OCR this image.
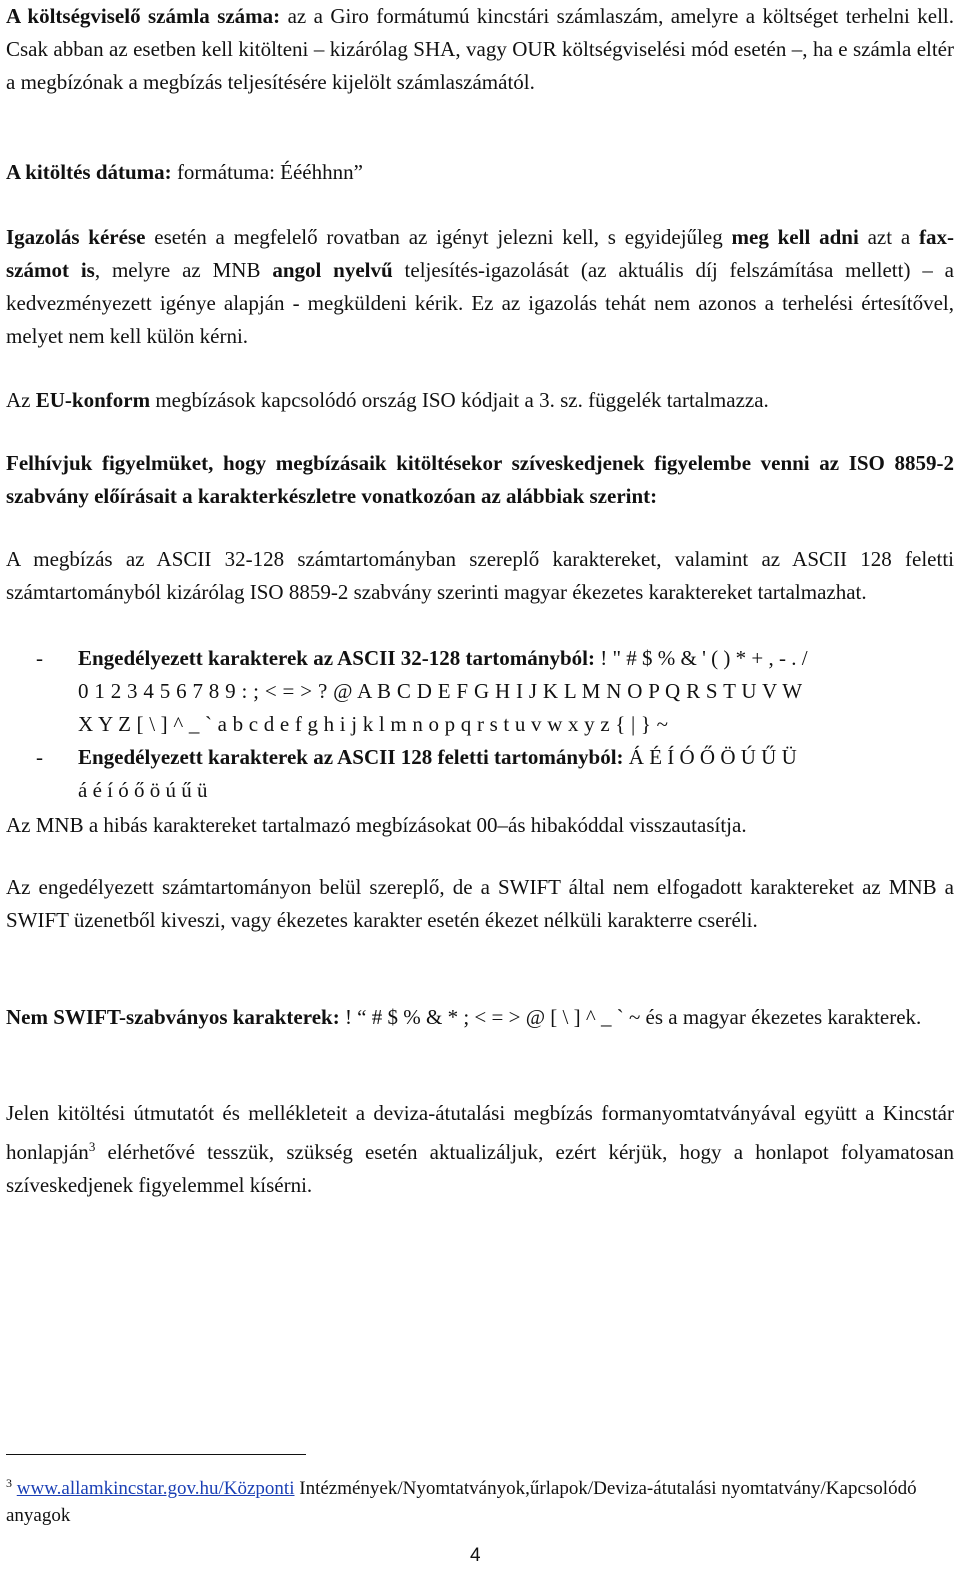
A költségviselő számla száma: az a Giro formátumú kincstári számlaszám, amelyre a költséget terhelni kell. Csak abban az esetben kell kitölteni – kizárólag SHA, vagy OUR költségviselési mód esetén –, ha e számla eltér a megbízónak a megbízás teljesítésére kijelölt számlaszámától.

A kitöltés dátuma: formátuma: Éééhhnn”

Igazolás kérése esetén a megfelelő rovatban az igényt jelezni kell, s egyidejűleg meg kell adni azt a fax-számot is, melyre az MNB angol nyelvű teljesítés-igazolását (az aktuális díj felszámítása mellett) – a kedvezményezett igénye alapján - megküldeni kérik. Ez az igazolás tehát nem azonos a terhelési értesítővel, melyet nem kell külön kérni.

Az EU-konform megbízások kapcsolódó ország ISO kódjait a 3. sz. függelék tartalmazza.

Felhívjuk figyelmüket, hogy megbízásaik kitöltésekor szíveskedjenek figyelembe venni az ISO 8859-2 szabvány előírásait a karakterkészletre vonatkozóan az alábbiak szerint:

A megbízás az ASCII 32-128 számtartományban szereplő karaktereket, valamint az ASCII 128 feletti számtartományból kizárólag ISO 8859-2 szabvány szerinti magyar ékezetes karaktereket tartalmazhat.

- Engedélyezett karakterek az ASCII 32-128 tartományból: ! " # $ % & ' ( ) * + , - . /
0 1 2 3 4 5 6 7 8 9 : ; < = > ? @ A B C D E F G H I J K L M N O P Q R S T U V W
X Y Z [ \ ] ^ _ ` a b c d e f g h i j k l m n o p q r s t u v w x y z { | } ~
- Engedélyezett karakterek az ASCII 128 feletti tartományból: Á É Í Ó Ő Ö Ú Ű Ü
á é í ó ő ö ú ű ü

Az MNB a hibás karaktereket tartalmazó megbízásokat 00–ás hibakóddal visszautasítja.

Az engedélyezett számtartományon belül szereplő, de a SWIFT által nem elfogadott karaktereket az MNB a SWIFT üzenetből kiveszi, vagy ékezetes karakter esetén ékezet nélküli karakterre cseréli.

Nem SWIFT-szabványos karakterek: ! “ # $ % & * ; < = > @ [ \ ] ^ _ ` ~ és a magyar ékezetes karakterek.

Jelen kitöltési útmutatót és mellékleteit a deviza-átutalási megbízás formanyomtatványával együtt a Kincstár honlapján$^3$ elérhetővé tesszük, szükség esetén aktualizáljuk, ezért kérjük, hogy a honlapot folyamatosan szíveskedjenek figyelemmel kísérni.

$^3$ www.allamkincstar.gov.hu/Központi Intézmények/Nyomtatványok,űrlapok/Deviza-átutalási nyomtatvány/Kapcsolódó anyagok
4
